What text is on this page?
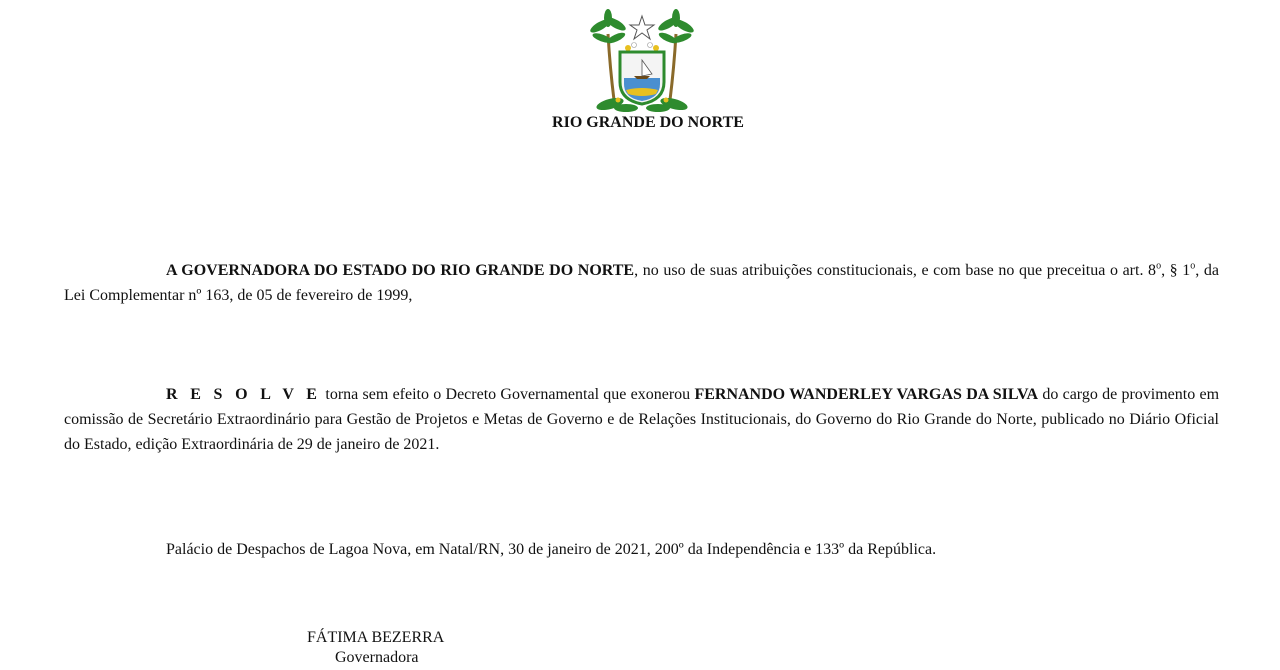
RIO GRANDE DO NORTE
A GOVERNADORA DO ESTADO DO RIO GRANDE DO NORTE, no uso de suas atribuições constitucionais, e com base no que preceitua o art. 8$^o$, § 1$^o$, da Lei Complementar nº 163, de 05 de fevereiro de 1999,
R E S O L V E torna sem efeito o Decreto Governamental que exonerou FERNANDO WANDERLEY VARGAS DA SILVA do cargo de provimento em comissão de Secretário Extraordinário para Gestão de Projetos e Metas de Governo e de Relações Institucionais, do Governo do Rio Grande do Norte, publicado no Diário Oficial do Estado, edição Extraordinária de 29 de janeiro de 2021.
Palácio de Despachos de Lagoa Nova, em Natal/RN, 30 de janeiro de 2021, 200º da Independência e 133º da República.
FÁTIMA BEZERRA
Governadora
